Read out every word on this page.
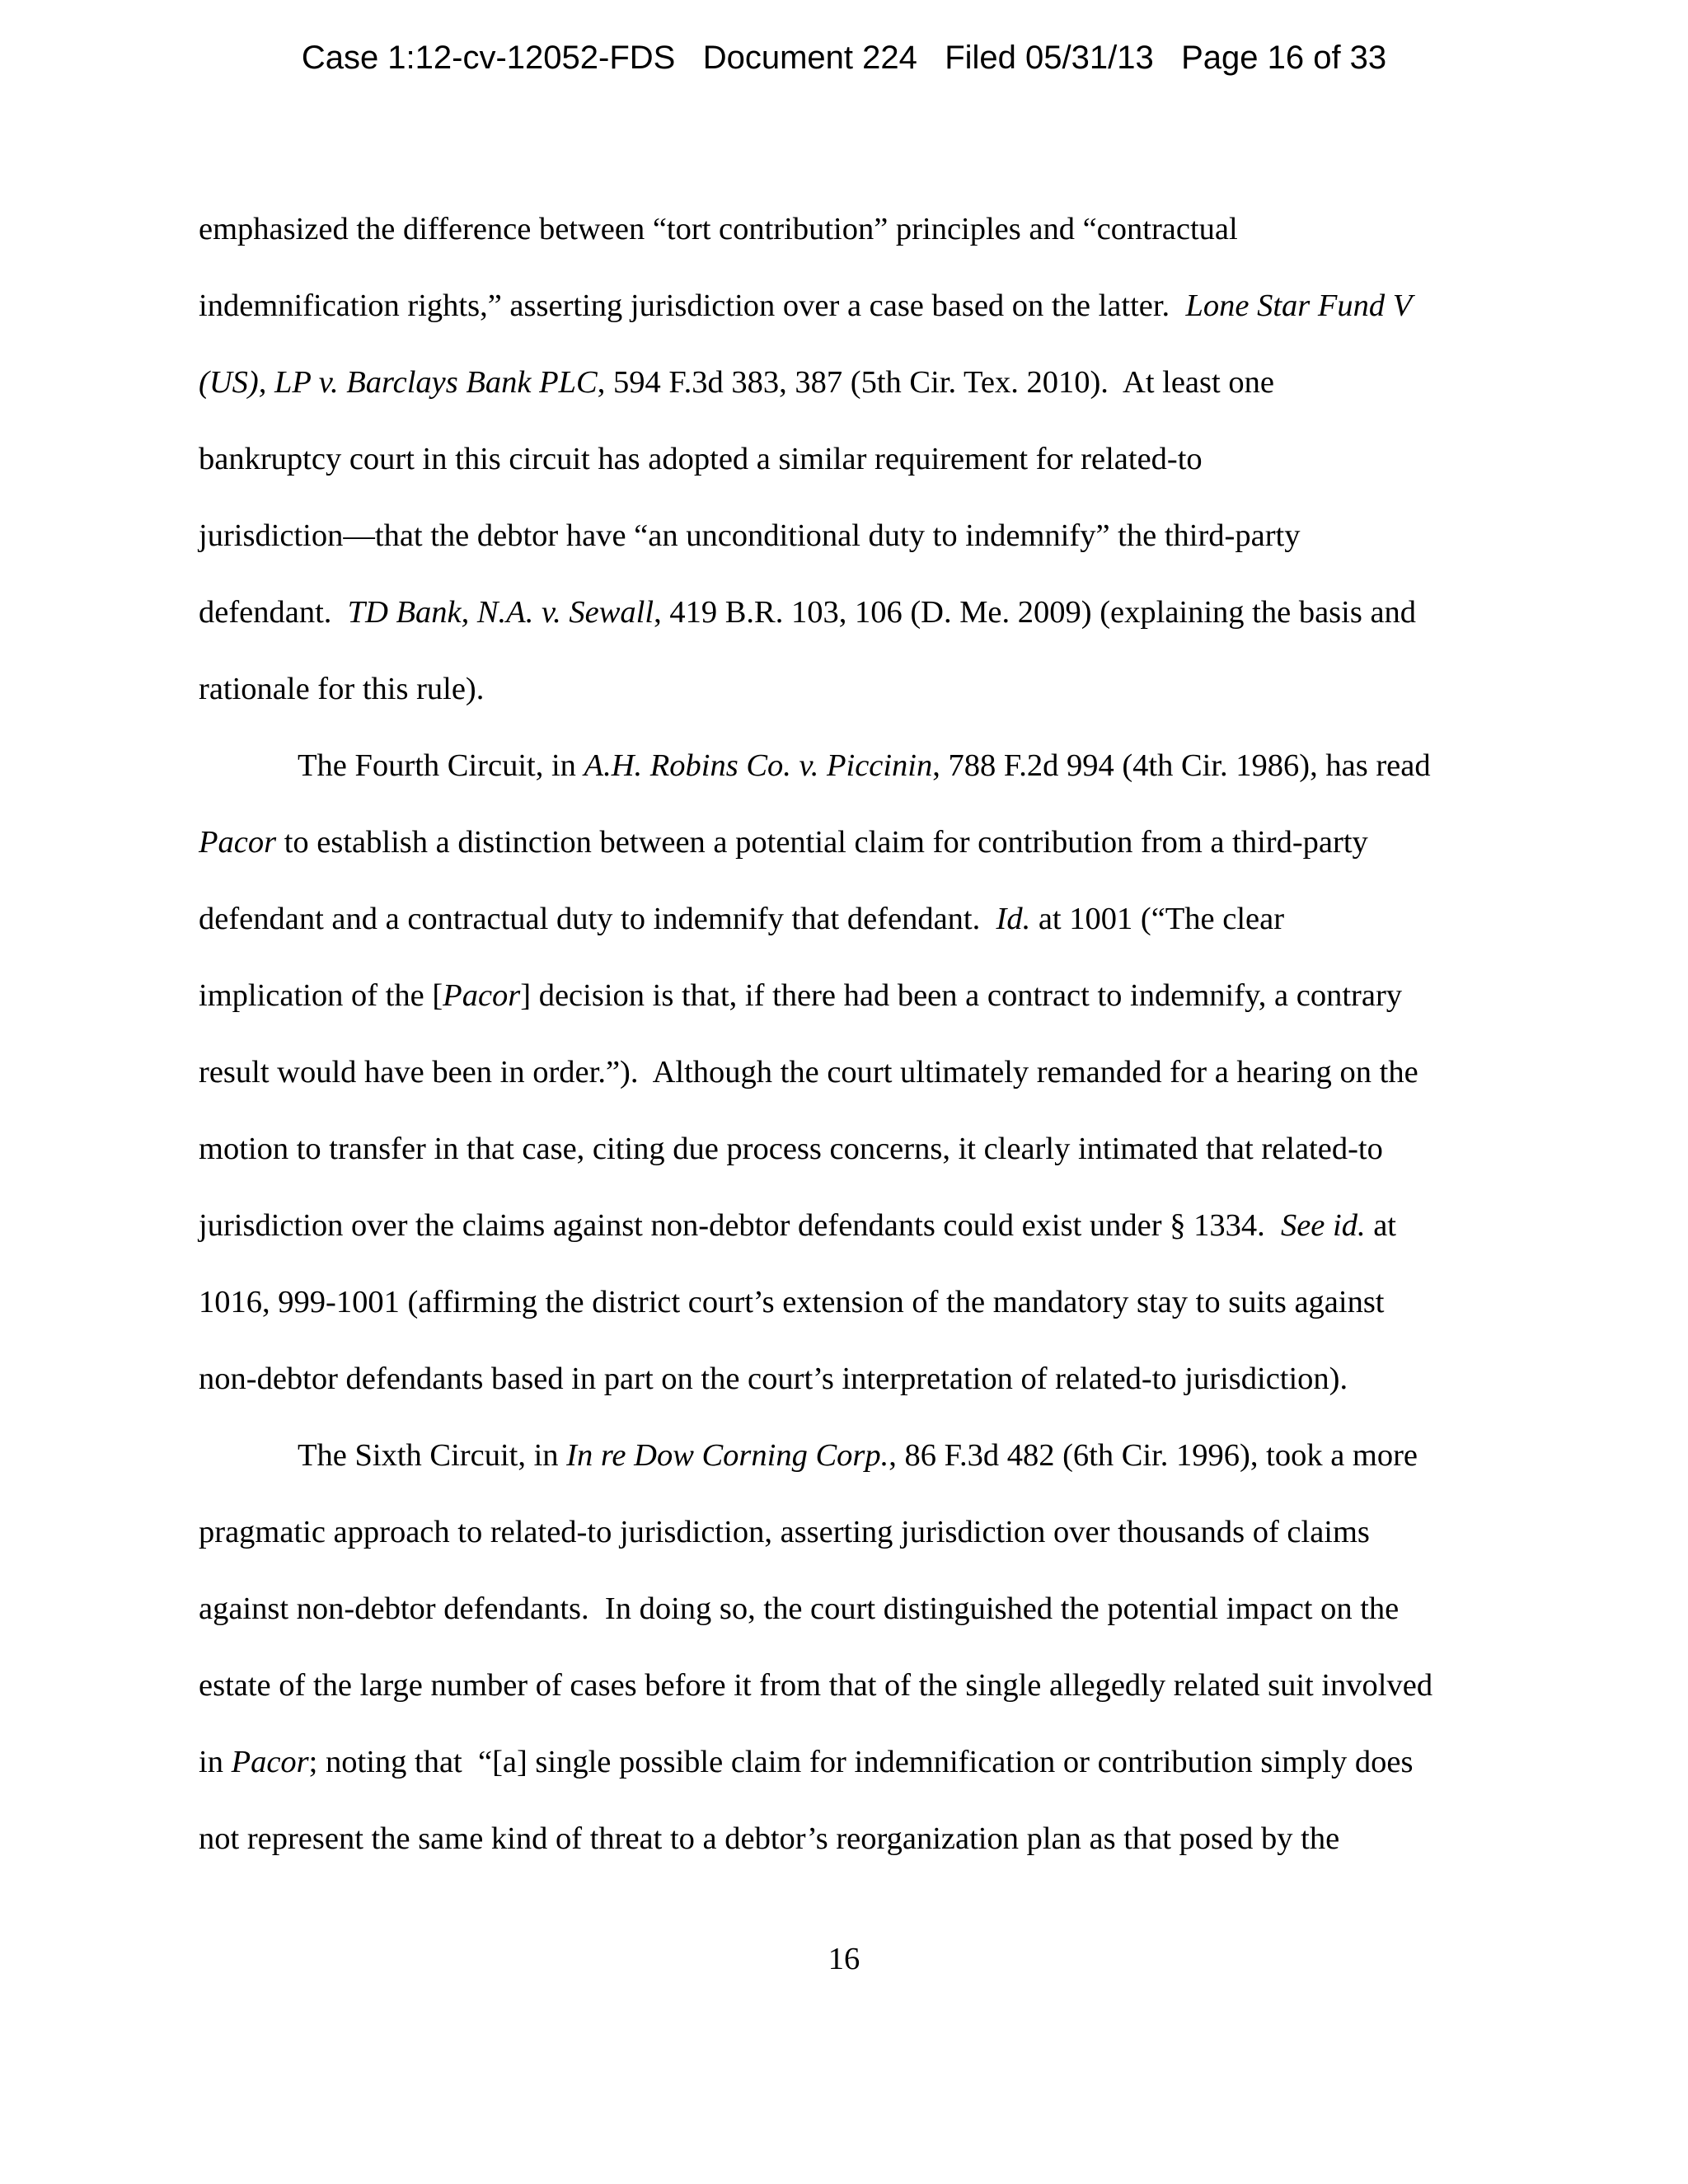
Case 1:12-cv-12052-FDS Document 224 Filed 05/31/13 Page 16 of 33
emphasized the difference between “tort contribution” principles and “contractual
indemnification rights,” asserting jurisdiction over a case based on the latter.  Lone Star Fund V
(US), LP v. Barclays Bank PLC, 594 F.3d 383, 387 (5th Cir. Tex. 2010).  At least one
bankruptcy court in this circuit has adopted a similar requirement for related-to
jurisdiction—that the debtor have “an unconditional duty to indemnify” the third-party
defendant.  TD Bank, N.A. v. Sewall, 419 B.R. 103, 106 (D. Me. 2009) (explaining the basis and
rationale for this rule).
The Fourth Circuit, in A.H. Robins Co. v. Piccinin, 788 F.2d 994 (4th Cir. 1986), has read
Pacor to establish a distinction between a potential claim for contribution from a third-party
defendant and a contractual duty to indemnify that defendant.  Id. at 1001 (“The clear
implication of the [Pacor] decision is that, if there had been a contract to indemnify, a contrary
result would have been in order.”).  Although the court ultimately remanded for a hearing on the
motion to transfer in that case, citing due process concerns, it clearly intimated that related-to
jurisdiction over the claims against non-debtor defendants could exist under § 1334.  See id. at
1016, 999-1001 (affirming the district court’s extension of the mandatory stay to suits against
non-debtor defendants based in part on the court’s interpretation of related-to jurisdiction).
The Sixth Circuit, in In re Dow Corning Corp., 86 F.3d 482 (6th Cir. 1996), took a more
pragmatic approach to related-to jurisdiction, asserting jurisdiction over thousands of claims
against non-debtor defendants.  In doing so, the court distinguished the potential impact on the
estate of the large number of cases before it from that of the single allegedly related suit involved
in Pacor; noting that  “[a] single possible claim for indemnification or contribution simply does
not represent the same kind of threat to a debtor’s reorganization plan as that posed by the
16
